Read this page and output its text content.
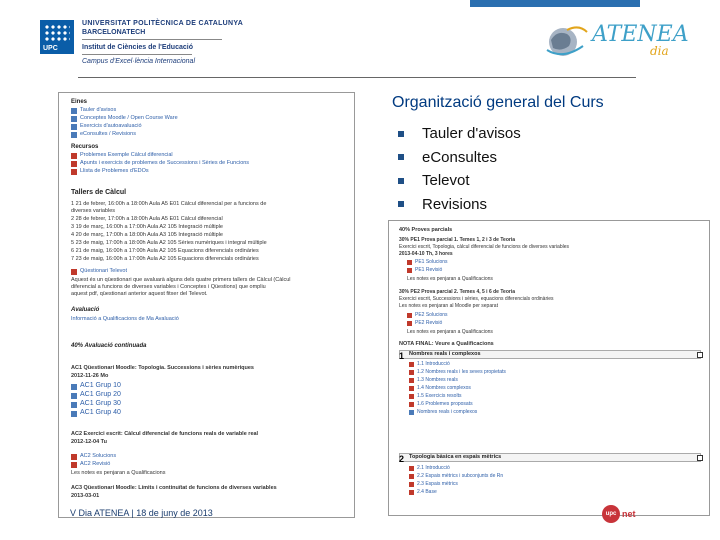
UPC
UNIVERSITAT POLITÈCNICA DE CATALUNYA
BARCELONATECH
Institut de Ciències de l'Educació
Campus d'Excel·lència Internacional
ATENEA
dia
Organització general del Curs
Tauler d'avisos
eConsultes
Televot
Revisions
Eines
Tauler d'avisos
Conceptes Moodle / Open Course Ware
Exercicis d'autoavaluació
eConsultes / Revisions
Recursos
Problemes Exemple Càlcul diferencial
Apunts i exercicis de problemes de Successions i Sèries de Funcions
Llista de Problemes d'EDOs
Tallers de Càlcul
1 21 de febrer, 16:00h a 18:00h Aula A5 E01 Càlcul diferencial per a funcions de
diverses variables
2 28 de febrer, 17:00h a 18:00h Aula A5 E01 Càlcul diferencial
3 19 de març, 16:00h a 17:00h Aula A2 105 Integració múltiple
4 20 de març, 17:00h a 18:00h Aula A3 105 Integració múltiple
5 23 de maig, 17:00h a 18:00h Aula A2 105 Sèries numèriques i integral múltiple
6 21 de maig, 16:00h a 17:00h Aula A2 105 Equacions diferencials ordinàries
7 23 de maig, 16:00h a 17:00h Aula A2 105 Equacions diferencials ordinàries
Qüestionari Televot
Aquest és un qüestionari que avaluarà alguns dels quatre primers tallers de Càlcul (Càlcul
diferencial a funcions de diverses variables i Conceptes i Qüestions) que ompliu
aquest pdf, qüestionari anterior aquest fitxer del Televot.
Avaluació
Informació a Qualificacions de Ma Avaluació
40% Avaluació continuada
AC1 Qüestionari Moodle: Topologia. Successions i sèries numèriques
2012-11-26 Mo
AC1 Grup 10
AC1 Grup 20
AC1 Grup 30
AC1 Grup 40
AC2 Exercici escrit: Càlcul diferencial de funcions reals de variable real
2012-12-04 Tu
AC2 Solucions
AC2 Revisió
Les notes es penjaran a Qualificacions
AC3 Qüestionari Moodle: Límits i continuïtat de funcions de diverses variables
2013-03-01
40% Proves parcials
30% PE1 Prova parcial 1. Temes 1, 2 i 3 de Teoria
Exercici escrit, Topologia, càlcul diferencial de funcions de diverses variables
2013-04-10 Th, 3 hores
PE1 Solucions
PE1 Revisió
Les notes es penjaran a Qualificacions
30% PE2 Prova parcial 2. Temes 4, 5 i 6 de Teoria
Exercici escrit, Successions i sèries, equacions diferencials ordinàries
Les notes es penjaran al Moodle per separat
PE2 Solucions
PE2 Revisió
Les notes es penjaran a Qualificacions
NOTA FINAL: Veure a Qualificacions
1 Nombres reals i complexos
1.1 Introducció
1.2 Nombres reals i les seves propietats
1.3 Nombres reals
1.4 Nombres complexos
1.5 Exercicis resolts
1.6 Problemes proposats
Nombres reals i complexos
2 Topologia bàsica en espais mètrics
2.1 Introducció
2.2 Espais mètrics i subconjunts de Rn
2.3 Espais mètrics
2.4 Base
V Dia ATENEA | 18 de juny de 2013	upc net
